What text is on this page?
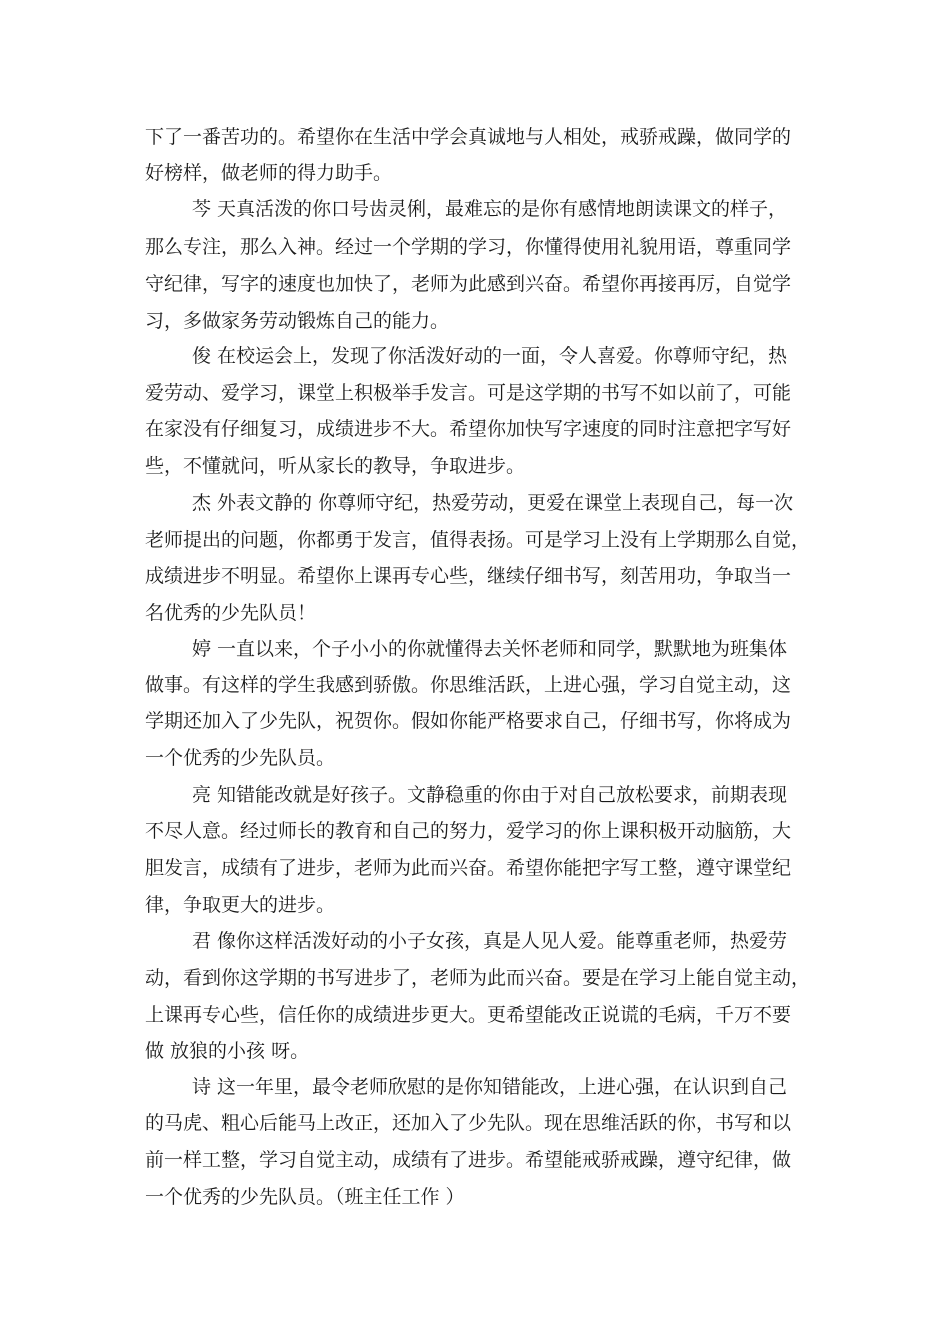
下了一番苦功的。希望你在生活中学会真诚地与人相处，戒骄戒躁，做同学的
好榜样，做老师的得力助手。
芩 天真活泼的你口号齿灵俐，最难忘的是你有感情地朗读课文的样子，
那么专注，那么入神。经过一个学期的学习，你懂得使用礼貌用语，尊重同学
守纪律，写字的速度也加快了，老师为此感到兴奋。希望你再接再厉，自觉学
习，多做家务劳动锻炼自己的能力。
俊 在校运会上，发现了你活泼好动的一面，令人喜爱。你尊师守纪，热
爱劳动、爱学习，课堂上积极举手发言。可是这学期的书写不如以前了，可能
在家没有仔细复习，成绩进步不大。希望你加快写字速度的同时注意把字写好
些，不懂就问，听从家长的教导，争取进步。
杰 外表文静的 你尊师守纪，热爱劳动，更爱在课堂上表现自己，每一次
老师提出的问题，你都勇于发言，值得表扬。可是学习上没有上学期那么自觉，
成绩进步不明显。希望你上课再专心些，继续仔细书写，刻苦用功，争取当一
名优秀的少先队员！
婷 一直以来，个子小小的你就懂得去关怀老师和同学，默默地为班集体
做事。有这样的学生我感到骄傲。你思维活跃，上进心强，学习自觉主动，这
学期还加入了少先队，祝贺你。假如你能严格要求自己，仔细书写，你将成为
一个优秀的少先队员。
亮 知错能改就是好孩子。文静稳重的你由于对自己放松要求，前期表现
不尽人意。经过师长的教育和自己的努力，爱学习的你上课积极开动脑筋，大
胆发言，成绩有了进步，老师为此而兴奋。希望你能把字写工整，遵守课堂纪
律，争取更大的进步。
君 像你这样活泼好动的小子女孩，真是人见人爱。能尊重老师，热爱劳
动，看到你这学期的书写进步了，老师为此而兴奋。要是在学习上能自觉主动，
上课再专心些，信任你的成绩进步更大。更希望能改正说谎的毛病，千万不要
做 放狼的小孩 呀。
诗 这一年里，最令老师欣慰的是你知错能改，上进心强，在认识到自己
的马虎、粗心后能马上改正，还加入了少先队。现在思维活跃的你，书写和以
前一样工整，学习自觉主动，成绩有了进步。希望能戒骄戒躁，遵守纪律，做
一个优秀的少先队员。（班主任工作 ）
